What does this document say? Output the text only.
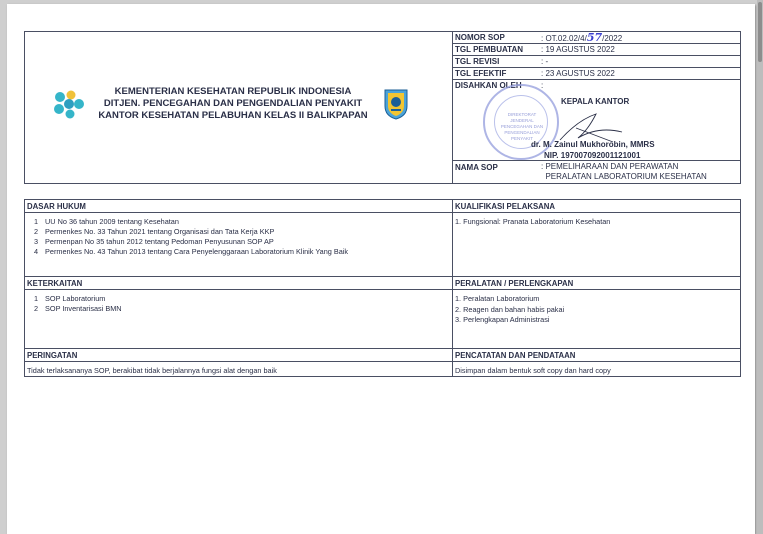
KEMENTERIAN KESEHATAN REPUBLIK INDONESIA
DITJEN. PENCEGAHAN DAN PENGENDALIAN PENYAKIT
KANTOR KESEHATAN PELABUHAN KELAS II BALIKPAPAN
NOMOR SOP	: OT.02.02/4/57/2022
TGL PEMBUATAN : 19 AGUSTUS 2022
TGL REVISI	: -
TGL EFEKTIF	: 23 AGUSTUS 2022
DISAHKAN OLEH :
DIREKTORAT JENDERAL
PENCEGAHAN DAN
PENGENDALIAN PENYAKIT
KEPALA KANTOR
dr. M. Zainul Mukhorobin, MMRS
NIP. 197007092001121001
NAMA SOP	: PEMELIHARAAN DAN PERAWATAN
PERALATAN LABORATORIUM KESEHATAN
DASAR HUKUM	KUALIFIKASI PELAKSANA
1 UU No 36 tahun 2009 tentang Kesehatan
2 Permenkes No. 33 Tahun 2021 tentang Organisasi dan Tata Kerja KKP
3 Permenpan No 35 tahun 2012 tentang Pedoman Penyusunan SOP AP
4 Permenkes No. 43 Tahun 2013 tentang Cara Penyelenggaraan Laboratorium Klinik Yang Baik
1. Fungsional: Pranata Laboratorium Kesehatan
KETERKAITAN	PERALATAN / PERLENGKAPAN
1 SOP Laboratorium
2 SOP Inventarisasi BMN
1. Peralatan Laboratorium
2. Reagen dan bahan habis pakai
3. Perlengkapan Administrasi
PERINGATAN	PENCATATAN DAN PENDATAAN
Tidak terlaksananya SOP, berakibat tidak berjalannya fungsi alat dengan baik	Disimpan dalam bentuk soft copy dan hard copy
